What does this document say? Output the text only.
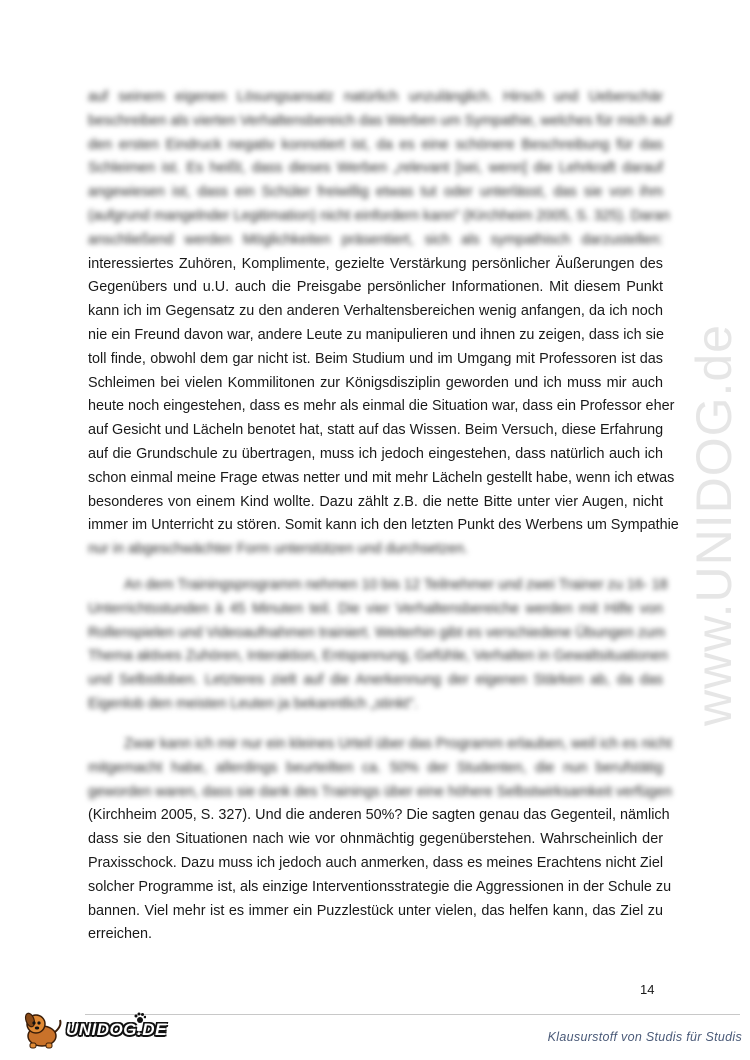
www.UNIDOG.de
auf seinem eigenen Lösungsansatz natürlich unzulänglich. Hirsch und Ueberschär
beschreiben als vierten Verhaltensbereich das Werben um Sympathie, welches für mich auf
den ersten Eindruck negativ konnotiert ist, da es eine schönere Beschreibung für das
Schleimen ist. Es heißt, dass dieses Werben „relevant [sei, wenn] die Lehrkraft darauf
angewiesen ist, dass ein Schüler freiwillig etwas tut oder unterlässt, das sie von ihm
(aufgrund mangelnder Legitimation) nicht einfordern kann" (Kirchheim 2005, S. 325). Daran
anschließend werden Möglichkeiten präsentiert, sich als sympathisch darzustellen:
interessiertes Zuhören, Komplimente, gezielte Verstärkung persönlicher Äußerungen des
Gegenübers und u.U. auch die Preisgabe persönlicher Informationen. Mit diesem Punkt
kann ich im Gegensatz zu den anderen Verhaltensbereichen wenig anfangen, da ich noch
nie ein Freund davon war, andere Leute zu manipulieren und ihnen zu zeigen, dass ich sie
toll finde, obwohl dem gar nicht ist. Beim Studium und im Umgang mit Professoren ist das
Schleimen bei vielen Kommilitonen zur Königsdisziplin geworden und ich muss mir auch
heute noch eingestehen, dass es mehr als einmal die Situation war, dass ein Professor eher
auf Gesicht und Lächeln benotet hat, statt auf das Wissen. Beim Versuch, diese Erfahrung
auf die Grundschule zu übertragen, muss ich jedoch eingestehen, dass natürlich auch ich
schon einmal meine Frage etwas netter und mit mehr Lächeln gestellt habe, wenn ich etwas
besonderes von einem Kind wollte. Dazu zählt z.B. die nette Bitte unter vier Augen, nicht
immer im Unterricht zu stören. Somit kann ich den letzten Punkt des Werbens um Sympathie
nur in abgeschwächter Form unterstützen und durchsetzen.
An dem Trainingsprogramm nehmen 10 bis 12 Teilnehmer und zwei Trainer zu 16- 18
Unterrichtsstunden à 45 Minuten teil. Die vier Verhaltensbereiche werden mit Hilfe von
Rollenspielen und Videoaufnahmen trainiert. Weiterhin gibt es verschiedene Übungen zum
Thema aktives Zuhören, Interaktion, Entspannung, Gefühle, Verhalten in Gewaltsituationen
und Selbstloben. Letzteres zielt auf die Anerkennung der eigenen Stärken ab, da das
Eigenlob den meisten Leuten ja bekanntlich „stinkt".
Zwar kann ich mir nur ein kleines Urteil über das Programm erlauben, weil ich es nicht
mitgemacht habe, allerdings beurteilten ca. 50% der Studenten, die nun berufstätig
geworden waren, dass sie dank des Trainings über eine höhere Selbstwirksamkeit verfügen
(Kirchheim 2005, S. 327). Und die anderen 50%? Die sagten genau das Gegenteil, nämlich
dass sie den Situationen nach wie vor ohnmächtig gegenüberstehen. Wahrscheinlich der
Praxisschock. Dazu muss ich jedoch auch anmerken, dass es meines Erachtens nicht Ziel
solcher Programme ist, als einzige Interventionsstrategie die Aggressionen in der Schule zu
bannen. Viel mehr ist es immer ein Puzzlestück unter vielen, das helfen kann, das Ziel zu
erreichen.
14
UNIDOG.DE	Klausurstoff von Studis für Studis
